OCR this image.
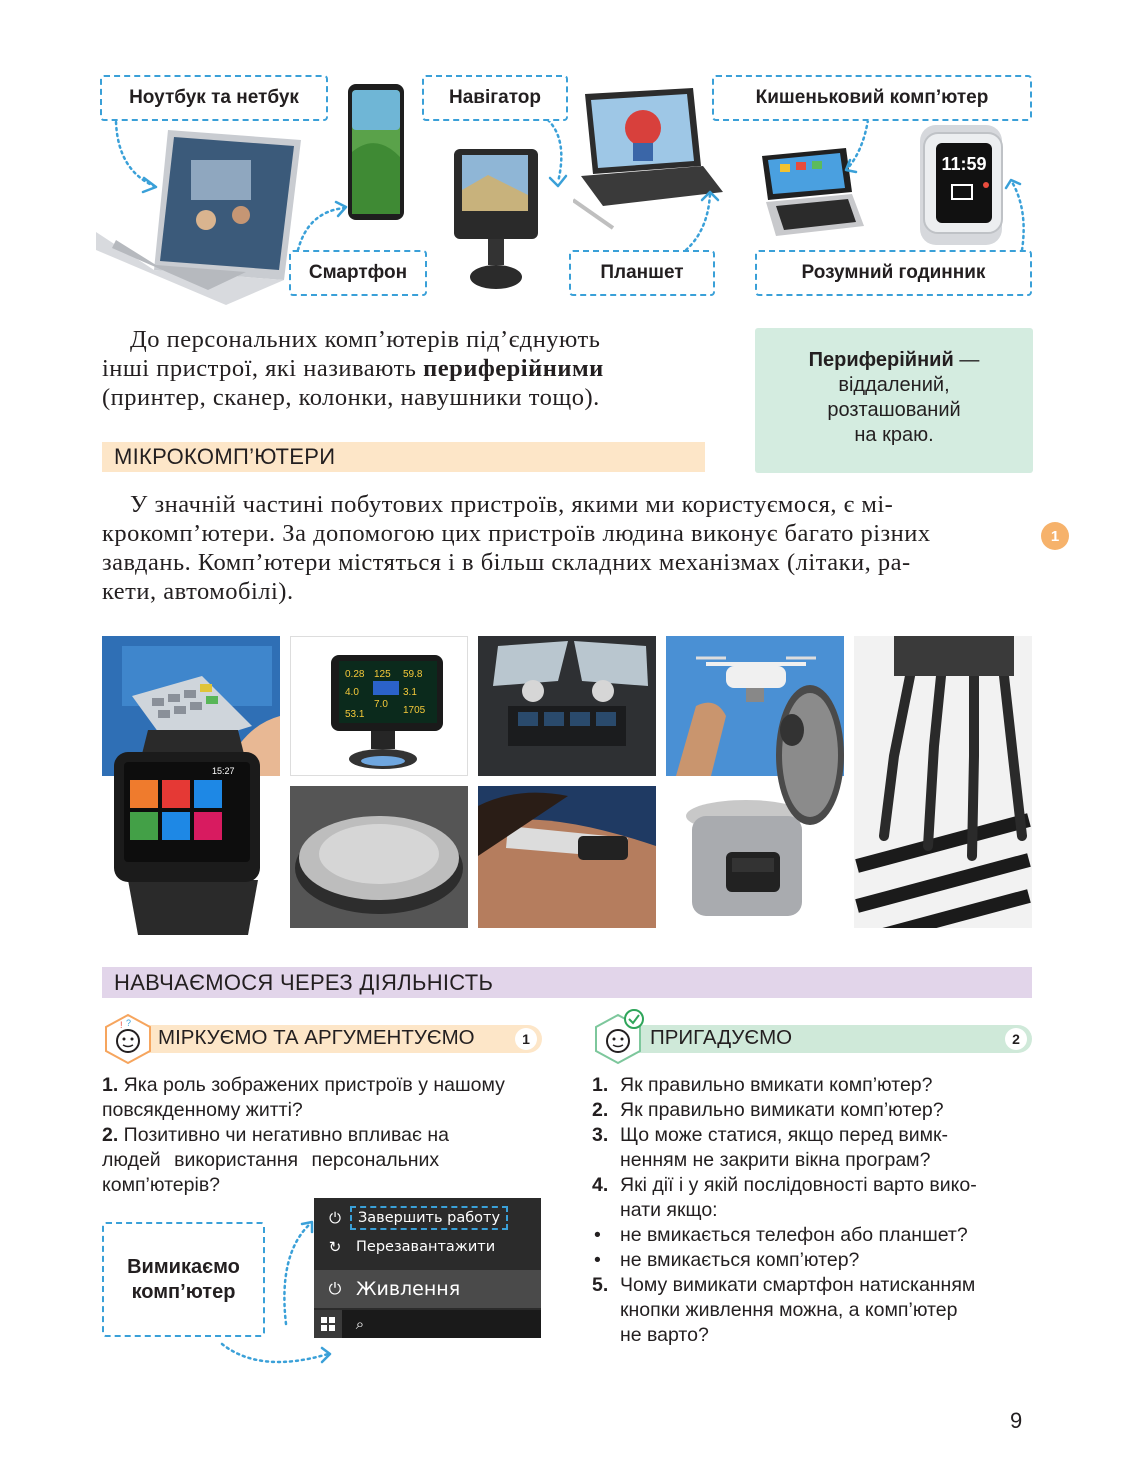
11:59
Ноутбук та нетбук
Смартфон
Навігатор
Планшет
Кишеньковий комп’ютер
Розумний годинник
До персональних комп’ютерів під’єднують
інші пристрої, які називають периферійними
(принтер, сканер, колонки, навушники тощо).
Периферійний —
віддалений,
розташований
на краю.
МІКРОКОМП’ЮТЕРИ
У значній частині побутових пристроїв, якими ми користуємося, є мі-
крокомп’ютери. За допомогою цих пристроїв людина виконує багато різних
завдань. Комп’ютери містяться і в більш складних механізмах (літаки, ра-
кети, автомобілі).
1
15:27
0.28 125 59.8
4.0	3.1
7.0
1705
53.1
НАВЧАЄМОСЯ ЧЕРЕЗ ДІЯЛЬНІСТЬ
! ?
МІРКУЄМО ТА АРГУМЕНТУЄМО	1
1. Яка роль зображених пристроїв у нашому
повсякденному житті?
2. Позитивно чи негативно впливає на
людей використання персональних
комп’ютерів?
Вимикаємо
комп’ютер
⏻	Завершить работу
↻	Перезавантажити
⏻ Живлення
⌕
ПРИГАДУЄМО	2
1. Як правильно вмикати комп’ютер?
2. Як правильно вимикати комп’ютер?
3. Що може статися, якщо перед вимк-
ненням не закрити вікна програм?
4. Які дії і у якій послідовності варто вико-
нати якщо:
• не вмикається телефон або планшет?
• не вмикається комп’ютер?
5. Чому вимикати смартфон натисканням
кнопки живлення можна, а комп’ютер
не варто?
9
